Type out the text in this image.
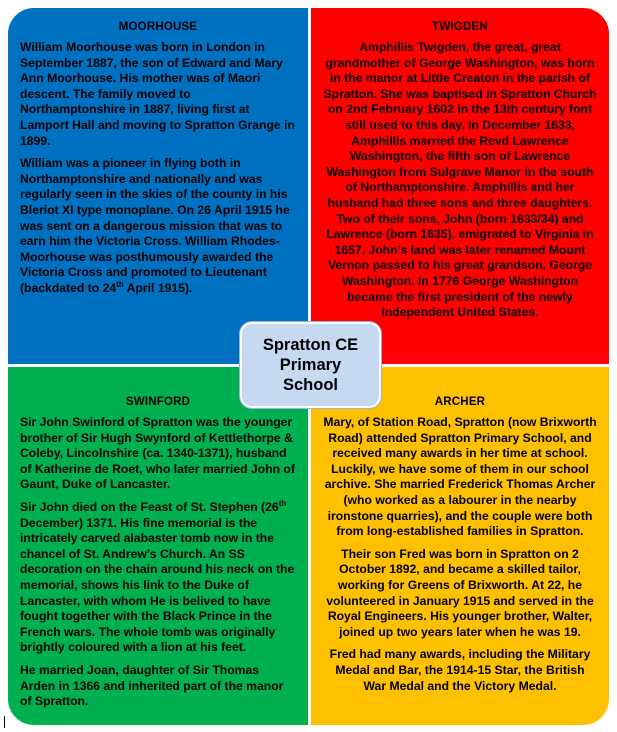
MOORHOUSE

William Moorhouse was born in London in September 1887, the son of Edward and Mary Ann Moorhouse. His mother was of Maori descent. The family moved to Northamptonshire in 1887, living first at Lamport Hall and moving to Spratton Grange in 1899.

William was a pioneer in flying both in Northamptonshire and nationally and was regularly seen in the skies of the county in his Bleriot XI type monoplane. On 26 April 1915 he was sent on a dangerous mission that was to earn him the Victoria Cross. William Rhodes-Moorhouse was posthumously awarded the Victoria Cross and promoted to Lieutenant (backdated to 24th April 1915).

TWIGDEN

Amphillis Twigden, the great, great grandmother of George Washington, was born in the manor at Little Creaton in the parish of Spratton. She was baptised in Spratton Church on 2nd February 1602 in the 13th century font still used to this day. In December 1633, Amphillis married the Revd Lawrence Washington, the fifth son of Lawrence Washington from Sulgrave Manor in the south of Northamptonshire. Amphillis and her husband had three sons and three daughters. Two of their sons, John (born 1633/34) and Lawrence (born 1635), emigrated to Virginia in 1657. John’s land was later renamed Mount Vernon passed to his great grandson, George Washington. In 1776 George Washington became the first president of the newly independent United States.

SWINFORD

Sir John Swinford of Spratton was the younger brother of Sir Hugh Swynford of Kettlethorpe & Coleby, Lincolnshire (ca. 1340-1371), husband of Katherine de Roet, who later married John of Gaunt, Duke of Lancaster.

Sir John died on the Feast of St. Stephen (26th December) 1371. His fine memorial is the intricately carved alabaster tomb now in the chancel of St. Andrew’s Church. An SS decoration on the chain around his neck on the memorial, shows his link to the Duke of Lancaster, with whom He is belived to have fought together with the Black Prince in the French wars. The whole tomb was originally brightly coloured with a lion at his feet.

He married Joan, daughter of Sir Thomas Arden in 1366 and inherited part of the manor of Spratton.

ARCHER

Mary, of Station Road, Spratton (now Brixworth Road) attended Spratton Primary School, and received many awards in her time at school. Luckily, we have some of them in our school archive. She married Frederick Thomas Archer (who worked as a labourer in the nearby ironstone quarries), and the couple were both from long-established families in Spratton.

Their son Fred was born in Spratton on 2 October 1892, and became a skilled tailor, working for Greens of Brixworth. At 22, he volunteered in January 1915 and served in the Royal Engineers. His younger brother, Walter, joined up two years later when he was 19.

Fred had many awards, including the Military Medal and Bar, the 1914-15 Star, the British War Medal and the Victory Medal.

Spratton CE
Primary
School
